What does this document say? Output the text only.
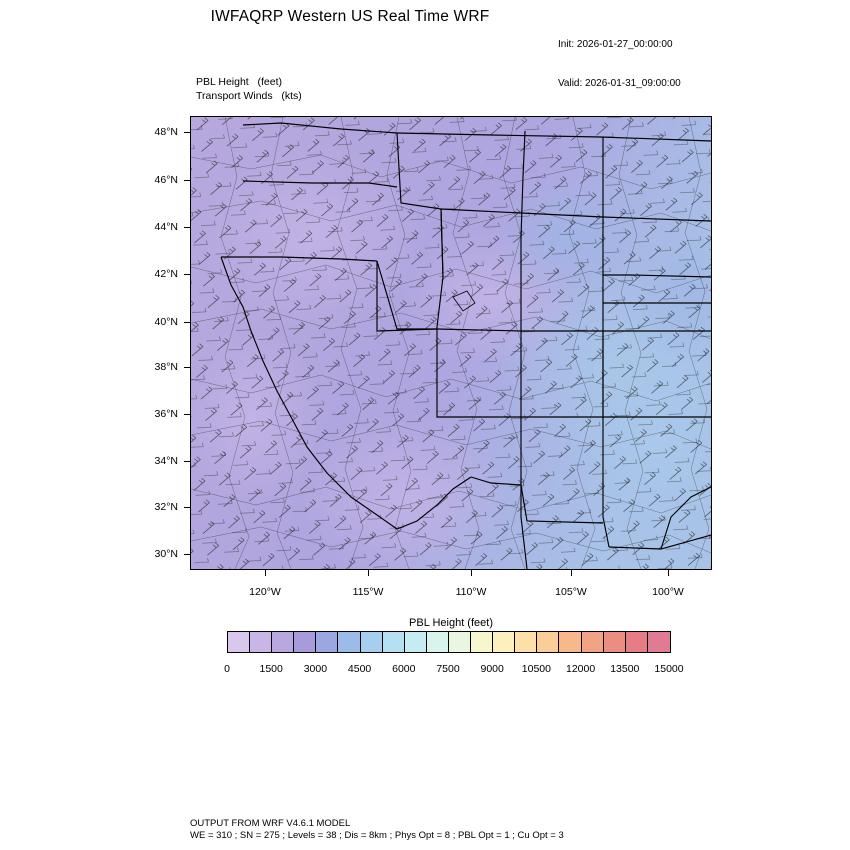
IWFAQRP Western US Real Time WRF

Init: 2026-01-27_00:00:00

Valid: 2026-01-31_09:00:00

PBL Height   (feet)
Transport Winds   (kts)
48°N
46°N
44°N
42°N
40°N
38°N
36°N
34°N
32°N
30°N
120°W	115°W	110°W	105°W	100°W
PBL Height (feet)
0	1500	3000	4500	6000	7500	9000	10500	12000	13500	15000
OUTPUT FROM WRF V4.6.1 MODEL
WE = 310 ; SN = 275 ; Levels = 38 ; Dis = 8km ; Phys Opt = 8 ; PBL Opt = 1 ; Cu Opt = 3
